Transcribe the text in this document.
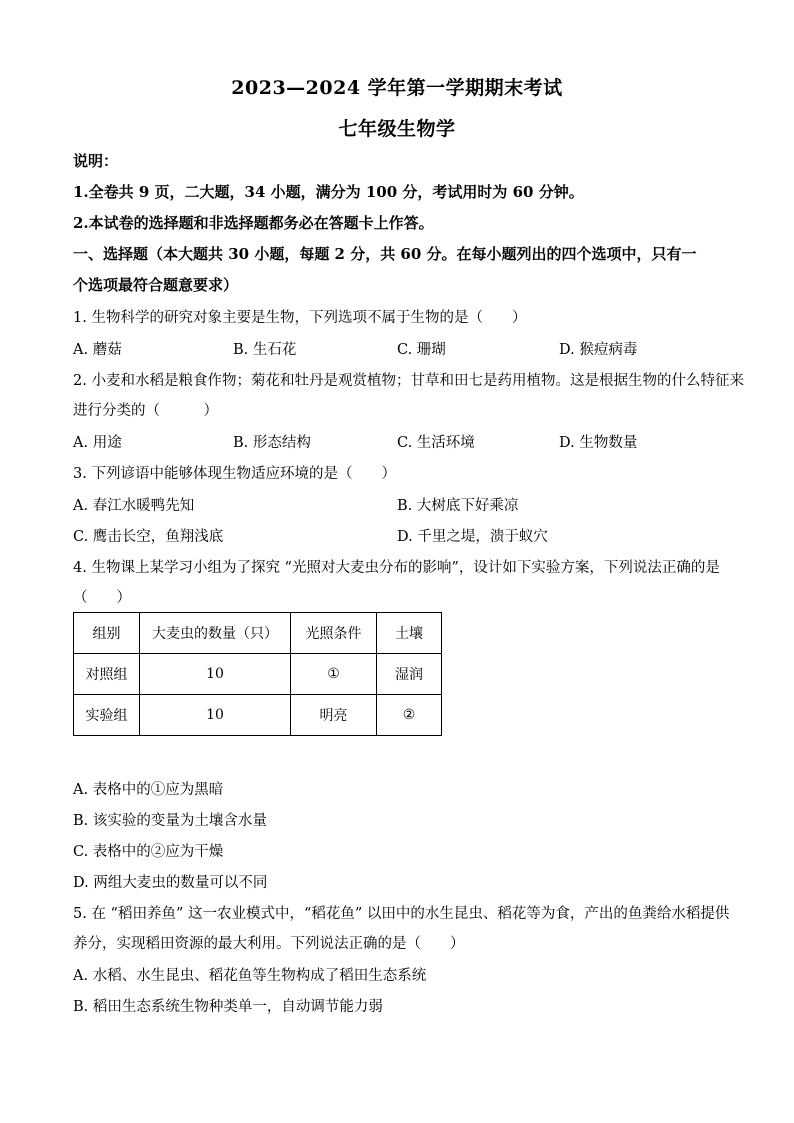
2023—2024 学年第一学期期末考试
七年级生物学
说明：
1.全卷共 9 页，二大题，34 小题，满分为 100 分，考试用时为 60 分钟。
2.本试卷的选择题和非选择题都务必在答题卡上作答。
一、选择题（本大题共 30 小题，每题 2 分，共 60 分。在每小题列出的四个选项中，只有一
个选项最符合题意要求）
1. 生物科学的研究对象主要是生物，下列选项不属于生物的是（　　）
A. 蘑菇	B. 生石花	C. 珊瑚	D. 猴痘病毒
2. 小麦和水稻是粮食作物；菊花和牡丹是观赏植物；甘草和田七是药用植物。这是根据生物的什么特征来
进行分类的（　　　）
A. 用途	B. 形态结构	C. 生活环境	D. 生物数量
3. 下列谚语中能够体现生物适应环境的是（　　）
A. 春江水暖鸭先知	B. 大树底下好乘凉
C. 鹰击长空，鱼翔浅底	D. 千里之堤，溃于蚁穴
4. 生物课上某学习小组为了探究 “光照对大麦虫分布的影响”，设计如下实验方案，下列说法正确的是
（　　）
组别	大麦虫的数量（只）	光照条件	土壤
对照组	10	①	湿润
实验组	10	明亮	②
A. 表格中的①应为黑暗
B. 该实验的变量为土壤含水量
C. 表格中的②应为干燥
D. 两组大麦虫的数量可以不同
5. 在 “稻田养鱼” 这一农业模式中，“稻花鱼” 以田中的水生昆虫、稻花等为食，产出的鱼粪给水稻提供
养分，实现稻田资源的最大利用。下列说法正确的是（　　）
A. 水稻、水生昆虫、稻花鱼等生物构成了稻田生态系统
B. 稻田生态系统生物种类单一，自动调节能力弱
